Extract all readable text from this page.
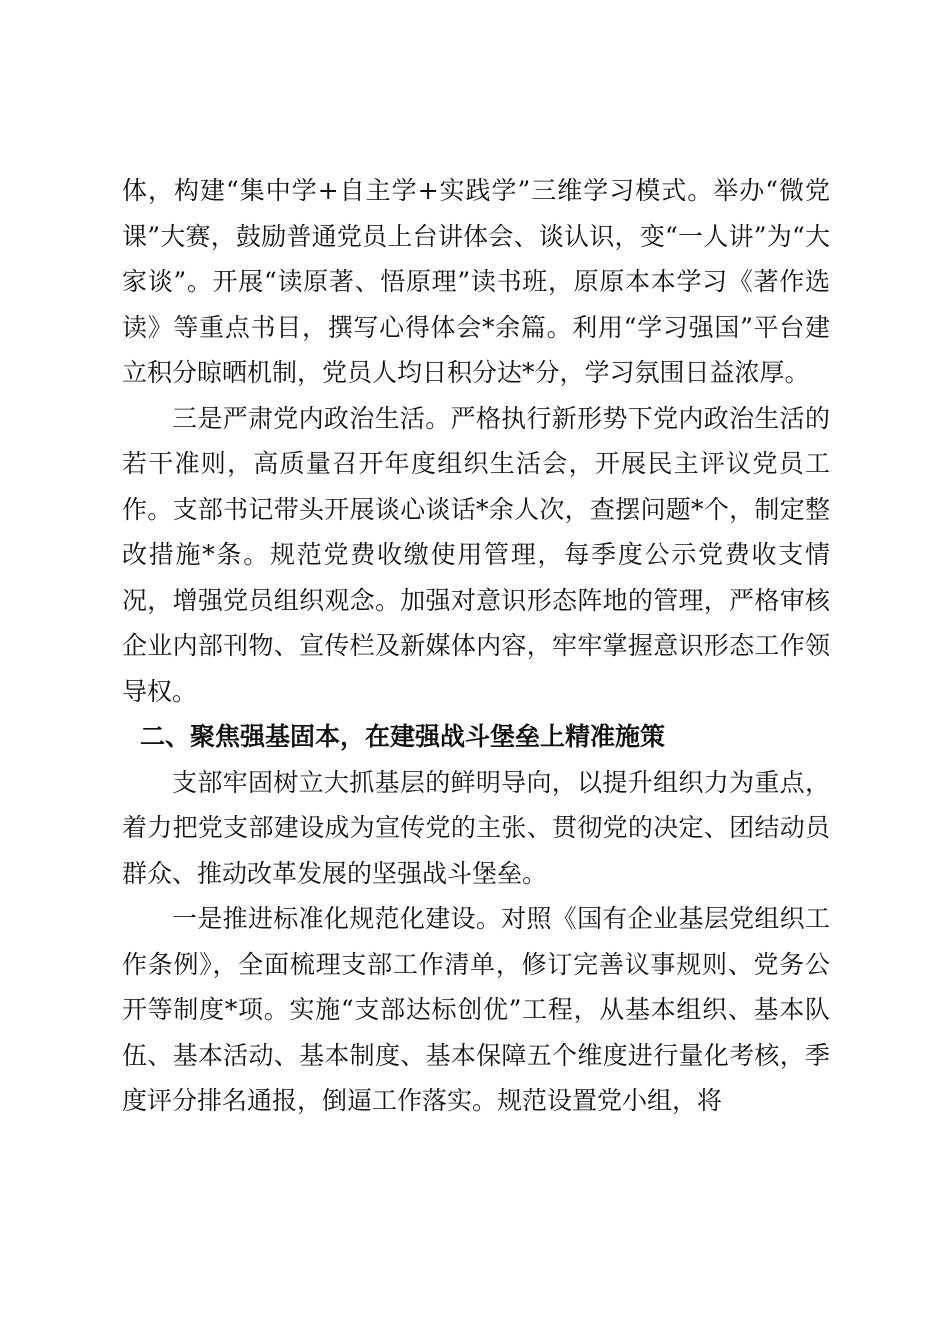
体，构建“集中学+自主学+实践学”三维学习模式。举办“微党课”大赛，鼓励普通党员上台讲体会、谈认识，变“一人讲”为“大家谈”。开展“读原著、悟原理”读书班，原原本本学习《著作选读》等重点书目，撰写心得体会*余篇。利用“学习强国”平台建立积分晾晒机制，党员人均日积分达*分，学习氛围日益浓厚。

三是严肃党内政治生活。严格执行新形势下党内政治生活的若干准则，高质量召开年度组织生活会，开展民主评议党员工作。支部书记带头开展谈心谈话*余人次，查摆问题*个，制定整改措施*条。规范党费收缴使用管理，每季度公示党费收支情况，增强党员组织观念。加强对意识形态阵地的管理，严格审核企业内部刊物、宣传栏及新媒体内容，牢牢掌握意识形态工作领导权。

二、聚焦强基固本，在建强战斗堡垒上精准施策

支部牢固树立大抓基层的鲜明导向，以提升组织力为重点，着力把党支部建设成为宣传党的主张、贯彻党的决定、团结动员群众、推动改革发展的坚强战斗堡垒。

一是推进标准化规范化建设。对照《国有企业基层党组织工作条例》，全面梳理支部工作清单，修订完善议事规则、党务公开等制度*项。实施“支部达标创优”工程，从基本组织、基本队伍、基本活动、基本制度、基本保障五个维度进行量化考核，季度评分排名通报，倒逼工作落实。规范设置党小组，将
